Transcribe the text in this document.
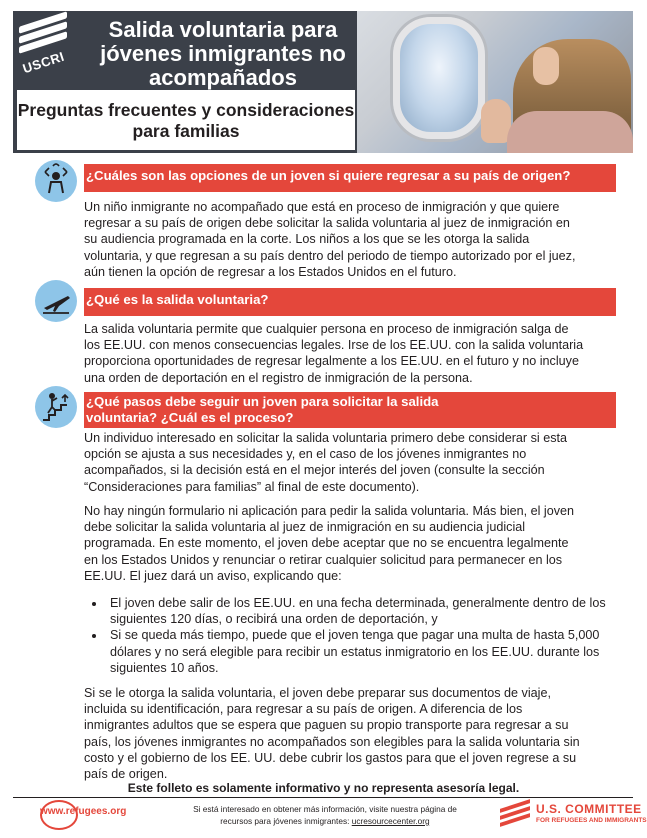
USCRI
Salida voluntaria para jóvenes inmigrantes no acompañados
Preguntas frecuentes y consideraciones para familias
¿Cuáles son las opciones de un joven si quiere regresar a su país de origen?

Un niño inmigrante no acompañado que está en proceso de inmigración y que quiere regresar a su país de origen debe solicitar la salida voluntaria al juez de inmigración en su audiencia programada en la corte. Los niños a los que se les otorga la salida voluntaria, y que regresan a su país dentro del periodo de tiempo autorizado por el juez, aún tienen la opción de regresar a los Estados Unidos en el futuro.

¿Qué es la salida voluntaria?

La salida voluntaria permite que cualquier persona en proceso de inmigración salga de los EE.UU. con menos consecuencias legales. Irse de los EE.UU. con la salida voluntaria proporciona oportunidades de regresar legalmente a los EE.UU. en el futuro y no incluye una orden de deportación en el registro de inmigración de la persona.

¿Qué pasos debe seguir un joven para solicitar la salida voluntaria? ¿Cuál es el proceso?

Un individuo interesado en solicitar la salida voluntaria primero debe considerar si esta opción se ajusta a sus necesidades y, en el caso de los jóvenes inmigrantes no acompañados, si la decisión está en el mejor interés del joven (consulte la sección “Consideraciones para familias” al final de este documento).

No hay ningún formulario ni aplicación para pedir la salida voluntaria. Más bien, el joven debe solicitar la salida voluntaria al juez de inmigración en su audiencia judicial programada. En este momento, el joven debe aceptar que no se encuentra legalmente en los Estados Unidos y renunciar o retirar cualquier solicitud para permanecer en los EE.UU. El juez dará un aviso, explicando que:

• El joven debe salir de los EE.UU. en una fecha determinada, generalmente dentro de los siguientes 120 días, o recibirá una orden de deportación, y
• Si se queda más tiempo, puede que el joven tenga que pagar una multa de hasta 5,000 dólares y no será elegible para recibir un estatus inmigratorio en los EE.UU. durante los siguientes 10 años.

Si se le otorga la salida voluntaria, el joven debe preparar sus documentos de viaje, incluida su identificación, para regresar a su país de origen. A diferencia de los inmigrantes adultos que se espera que paguen su propio transporte para regresar a su país, los jóvenes inmigrantes no acompañados son elegibles para la salida voluntaria sin costo y el gobierno de los EE. UU. debe cubrir los gastos para que el joven regrese a su país de origen.

Este folleto es solamente informativo y no representa asesoría legal.
www.refugees.org	Si está interesado en obtener más información, visite nuestra página de
recursos para jóvenes inmigrantes: ucresourcecenter.org
U.S. COMMITTEE
FOR REFUGEES AND IMMIGRANTS
